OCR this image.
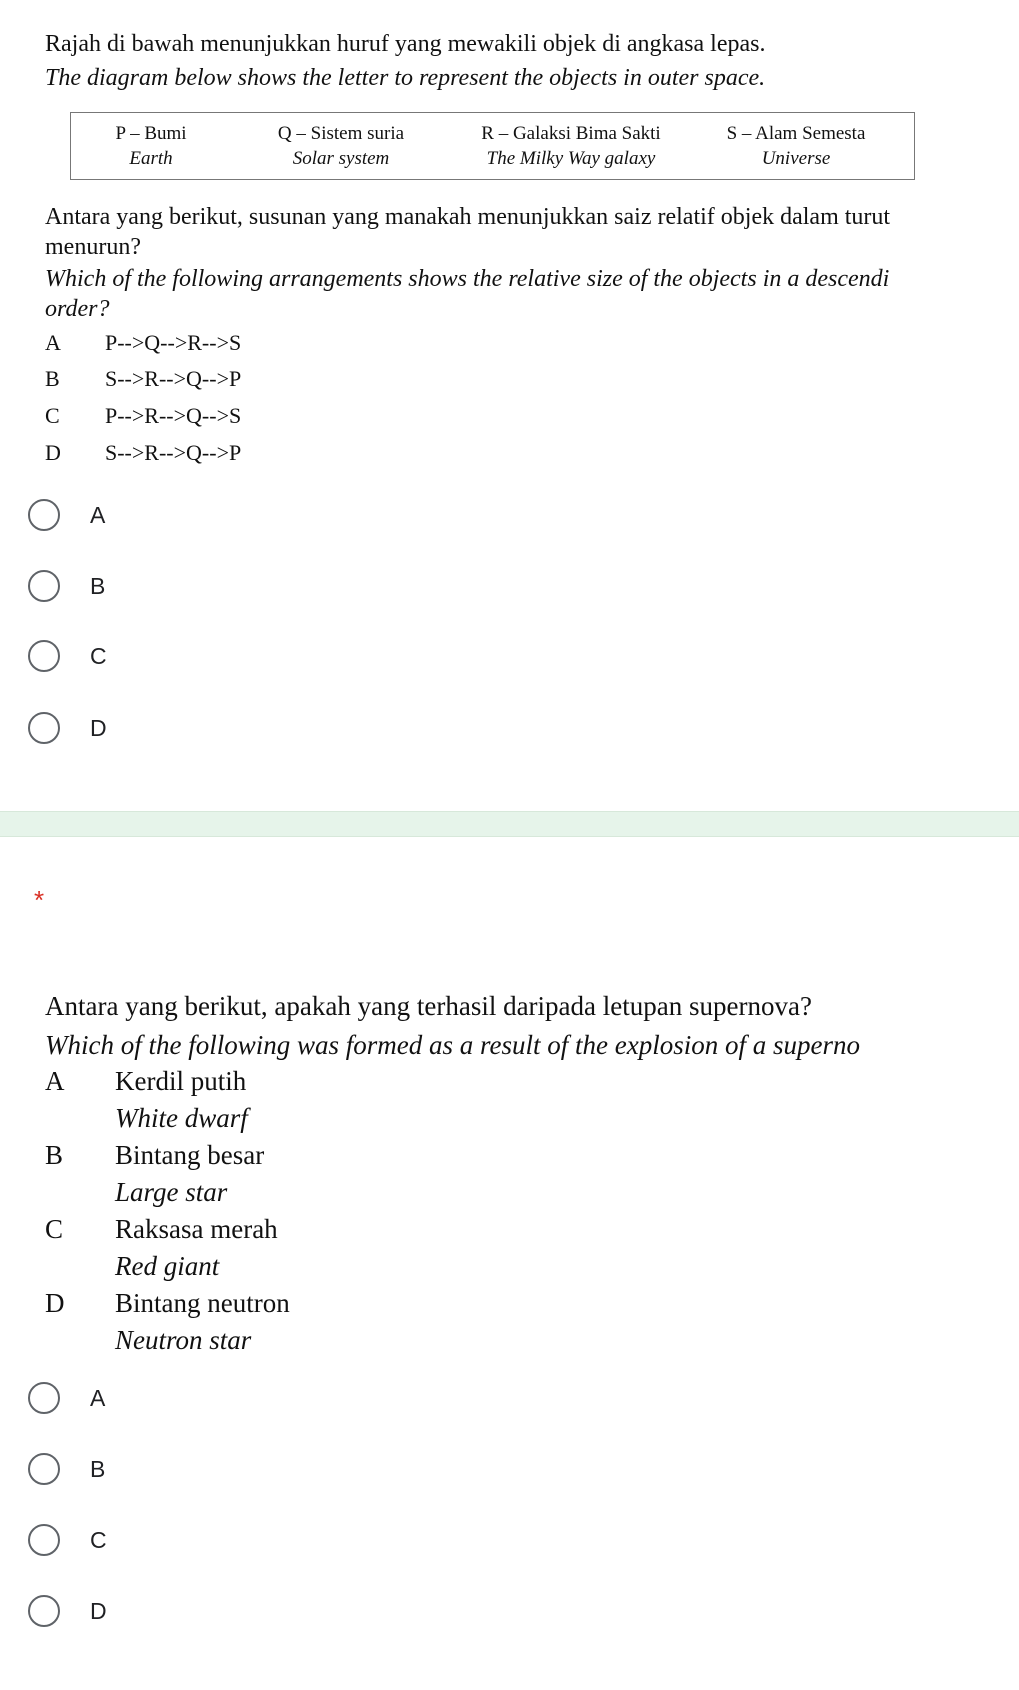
Rajah di bawah menunjukkan huruf yang mewakili objek di angkasa lepas.
The diagram below shows the letter to represent the objects in outer space.
P – Bumi
Earth
Q – Sistem suria
Solar system
R – Galaksi Bima Sakti
The Milky Way galaxy
S – Alam Semesta
Universe
Antara yang berikut, susunan yang manakah menunjukkan saiz relatif objek dalam turut
menurun?
Which of the following arrangements shows the relative size of the objects in a descendi
order?
A P-->Q-->R-->S
B S-->R-->Q-->P
C P-->R-->Q-->S
D S-->R-->Q-->P
A
B
C
D
*
Antara yang berikut, apakah yang terhasil daripada letupan supernova?
Which of the following was formed as a result of the explosion of a superno
A Kerdil putih
White dwarf
B Bintang besar
Large star
C Raksasa merah
Red giant
D Bintang neutron
Neutron star
A
B
C
D
